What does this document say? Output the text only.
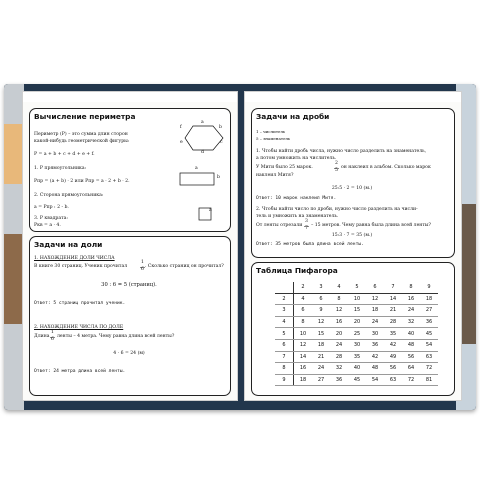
Вычисление периметра
Периметр (P) – это сумма длин сторон
какой-нибудь геометрической фигуры:
P = a + b + c + d + e + f.
1. P прямоугольника:
Pпр = (a + b) · 2 или Pпр = a · 2 + b · 2.
2. Сторона прямоугольника:
a = Pпр : 2 - b.
3. P квадрата:
Pкв = a · 4.
a
b
c
d
e
f
a
b
a
Задачи на доли
1. НАХОЖДЕНИЕ ДОЛИ ЧИСЛА
В книге 30 страниц. Ученик прочитал
1
6
. Сколько страниц он прочитал?
30 : 6 = 5 (страниц).
Ответ: 5 страниц прочитал ученик.
2. НАХОЖДЕНИЕ ЧИСЛА ПО ДОЛЕ
Длина
1
6
ленты – 4 метра. Чему равна длина всей ленты?
4 · 6 = 24 (м)
Ответ: 24 метра длина всей ленты.
Задачи на дроби
1 – числитель
5 – знаменатель
1. Чтобы найти дробь числа, нужно число разделить на знаменатель,
а потом умножить на числитель.
У Мити было 25 марок.
2
5
он наклеил в альбом. Сколько марок
наклеил Митя?
25:5 · 2 = 10 (м.)
Ответ: 10 марок наклеил Митя.
2. Чтобы найти число по дроби, нужно число разделить на числи-
тель и умножить на знаменатель.
От ленты отрезали
3
7
– 15 метров. Чему равна была длина всей ленты?
15:3 · 7 = 35 (м.)
Ответ: 35 метров была длина всей ленты.
Таблица Пифагора
	2	3	4	5	6	7	8	9
2	4	6	8	10	12	14	16	18
3	6	9	12	15	18	21	24	27
4	8	12	16	20	24	28	32	36
5	10	15	20	25	30	35	40	45
6	12	18	24	30	36	42	48	54
7	14	21	28	35	42	49	56	63
8	16	24	32	40	48	56	64	72
9	18	27	36	45	54	63	72	81
